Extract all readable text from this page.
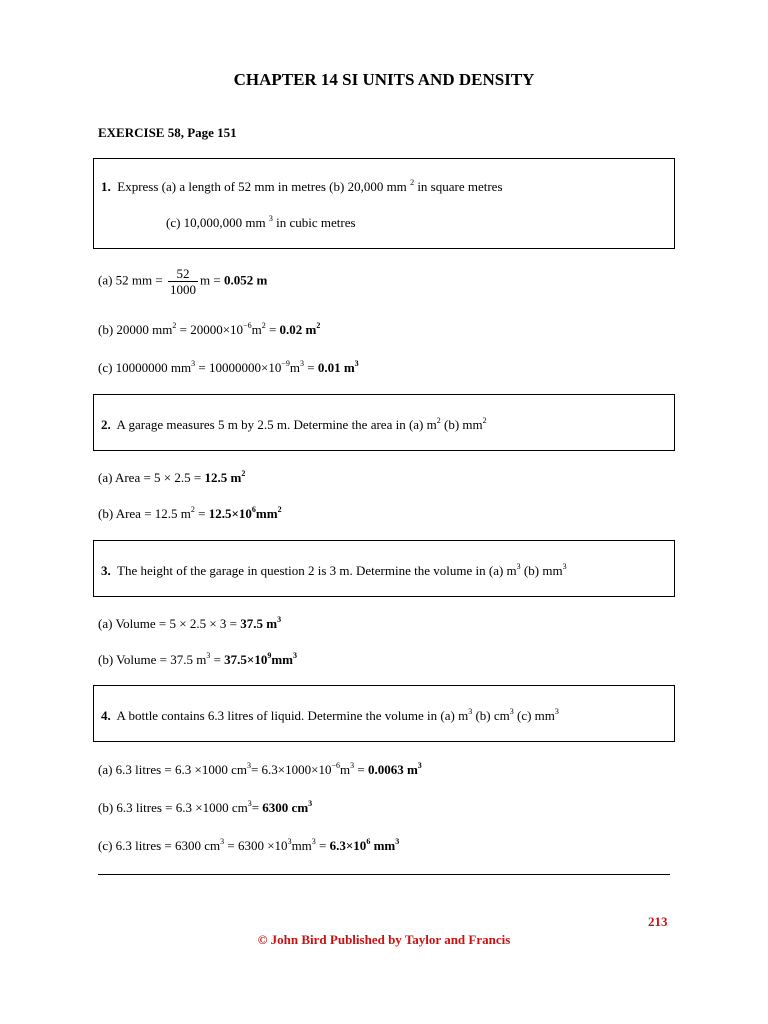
CHAPTER 14 SI UNITS AND DENSITY
EXERCISE 58, Page 151
1. Express (a) a length of 52 mm in metres (b) 20,000 mm $^2$ in square metres
(c) 10,000,000 mm $^3$ in cubic metres
(a) 52 mm = $\frac{52}{1000}$ m = 0.052 m
(b) 20000 $mm^2 = 20000\times 10^{-6}m^2 = 0.02$ $m^2$
(c) 10000000 $mm^3 = 10000000\times 10^{-9}m^3 = 0.01$ $m^3$
2. A garage measures 5 m by 2.5 m. Determine the area in (a) $m^2$ (b) $mm^2$
(a) Area = 5 × 2.5 = 12.5 $m^2$
(b) Area = 12.5 $m^2 = 12.5\times 10^6mm^2$
3. The height of the garage in question 2 is 3 m. Determine the volume in (a) $m^3$ (b) $mm^3$
(a) Volume = 5 × 2.5 × 3 = 37.5 $m^3$
(b) Volume = 37.5 $m^3 = 37.5\times 10^9mm^3$
4. A bottle contains 6.3 litres of liquid. Determine the volume in (a) $m^3$ (b) $cm^3$ (c) $mm^3$
(a) 6.3 litres = 6.3 ×1000 $cm^3= 6.3\times 1000\times 10^{-6}m^3 = 0.0063$ $m^3$
(b) 6.3 litres = 6.3 ×1000 $cm^3= 6300$ $cm^3$
(c) 6.3 litres = 6300 $cm^3 = 6300 \times 10^3mm^3 = 6.3\times 10^6$ $mm^3$
213
© John Bird Published by Taylor and Francis
